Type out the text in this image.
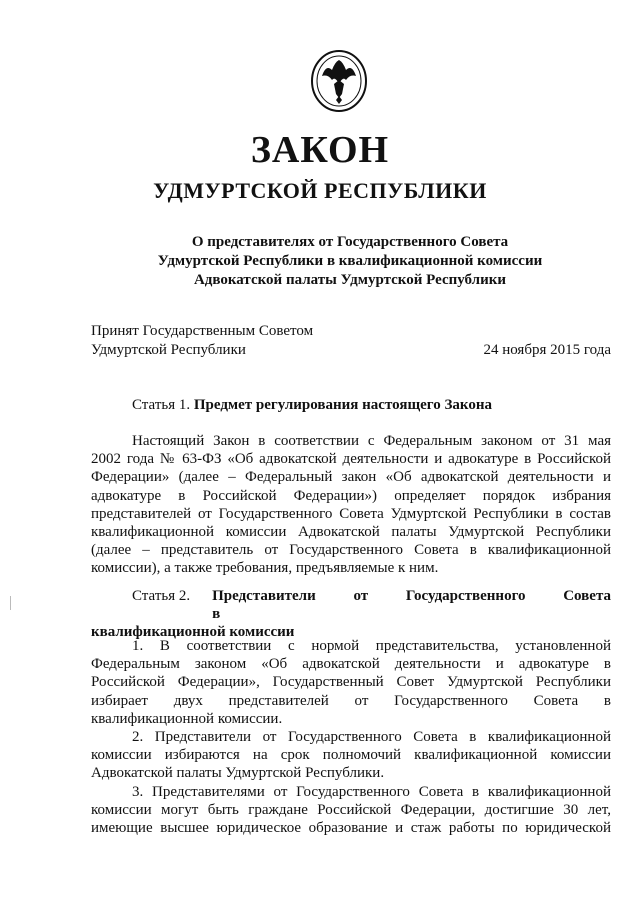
ЗАКОН
УДМУРТСКОЙ РЕСПУБЛИКИ
О представителях от Государственного Совета
Удмуртской Республики в квалификационной комиссии
Адвокатской палаты Удмуртской Республики
Принят Государственным Советом
Удмуртской Республики	24 ноября 2015 года
Статья 1. Предмет регулирования настоящего Закона
Настоящий Закон в соответствии с Федеральным законом от 31 мая
2002 года № 63-ФЗ «Об адвокатской деятельности и адвокатуре в Российской
Федерации» (далее – Федеральный закон «Об адвокатской деятельности и
адвокатуре в Российской Федерации») определяет порядок избрания
представителей от Государственного Совета Удмуртской Республики в состав
квалификационной комиссии Адвокатской палаты Удмуртской Республики
(далее – представитель от Государственного Совета в квалификационной
комиссии), а также требования, предъявляемые к ним.
Статья 2. Представители от Государственного Совета в
квалификационной комиссии
1. В соответствии с нормой представительства, установленной
Федеральным законом «Об адвокатской деятельности и адвокатуре в
Российской Федерации», Государственный Совет Удмуртской Республики
избирает двух представителей от Государственного Совета в
квалификационной комиссии.
2. Представители от Государственного Совета в квалификационной
комиссии избираются на срок полномочий квалификационной комиссии
Адвокатской палаты Удмуртской Республики.
3. Представителями от Государственного Совета в квалификационной
комиссии могут быть граждане Российской Федерации, достигшие 30 лет,
имеющие высшее юридическое образование и стаж работы по юридической
